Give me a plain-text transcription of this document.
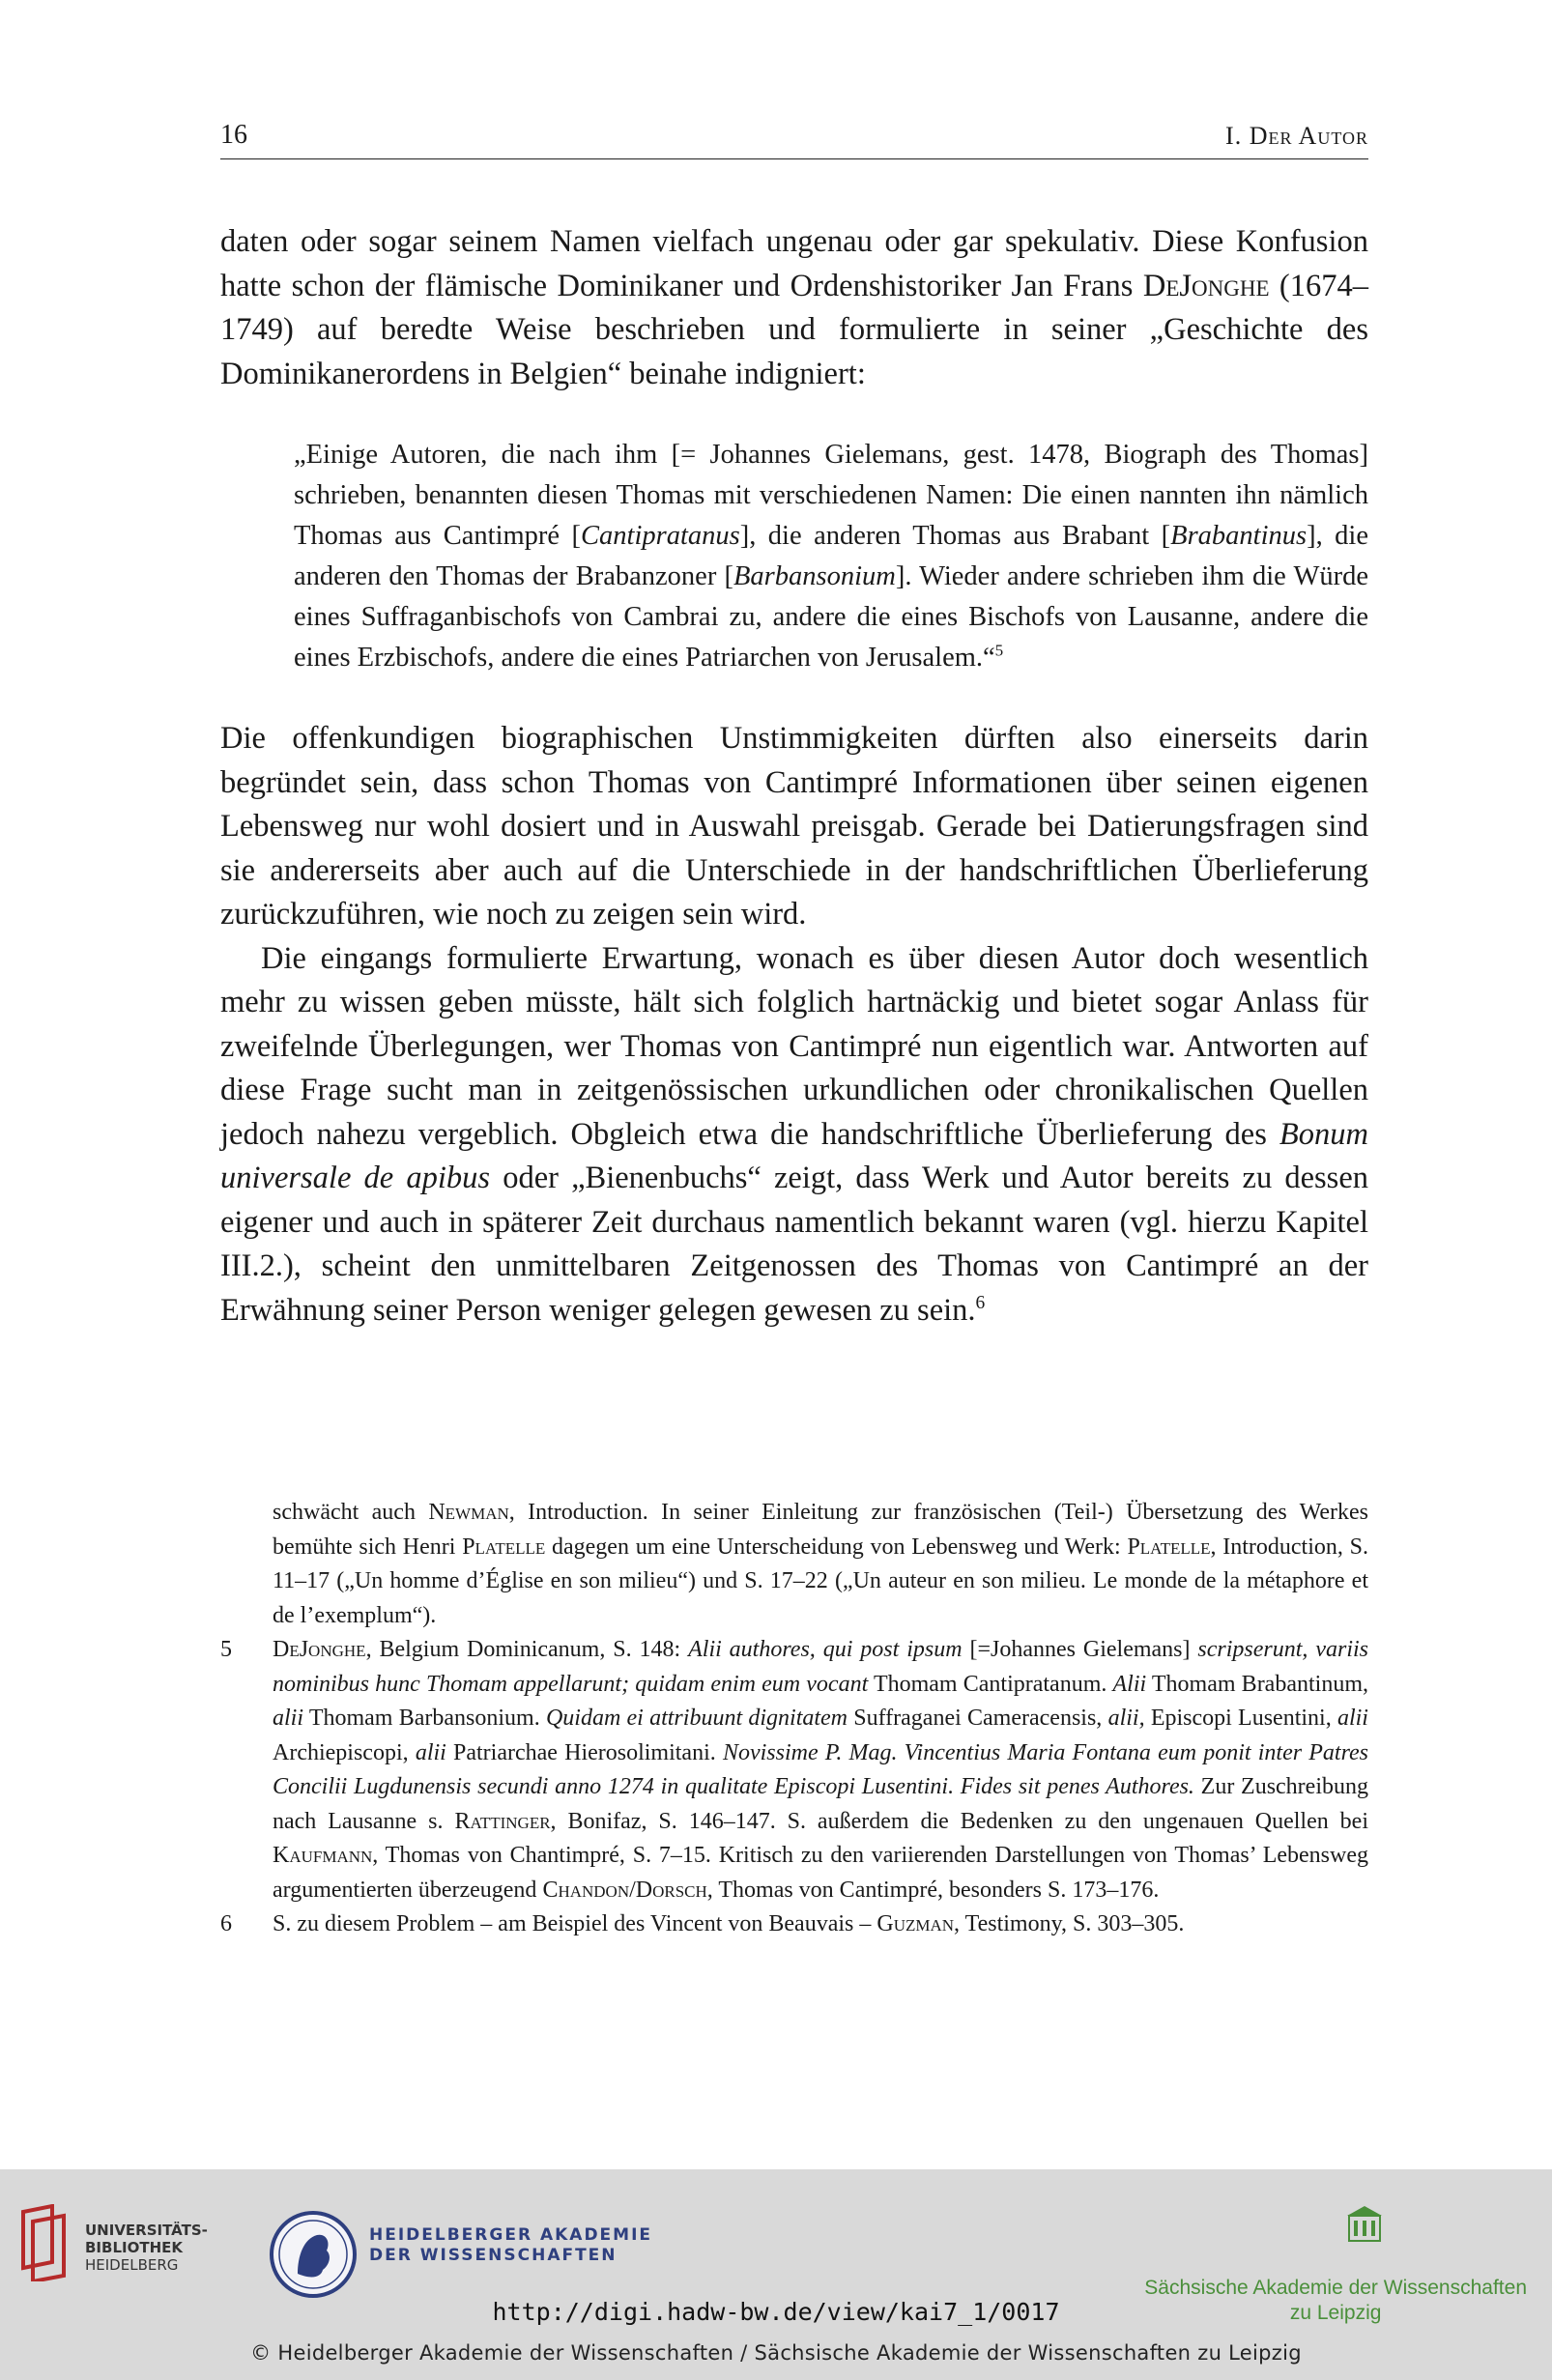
16	I. Der Autor

daten oder sogar seinem Namen vielfach ungenau oder gar spekulativ. Diese Konfusion hatte schon der flämische Dominikaner und Ordenshistoriker Jan Frans DeJonghe (1674–1749) auf beredte Weise beschrieben und formulierte in seiner „Geschichte des Dominikanerordens in Belgien“ beinahe indigniert:

„Einige Autoren, die nach ihm [= Johannes Gielemans, gest. 1478, Biograph des Thomas] schrieben, benannten diesen Thomas mit verschiedenen Namen: Die einen nannten ihn nämlich Thomas aus Cantimpré [Cantipratanus], die anderen Thomas aus Brabant [Brabantinus], die anderen den Thomas der Brabanzoner [Barbansonium]. Wieder andere schrieben ihm die Würde eines Suffraganbischofs von Cambrai zu, andere die eines Bischofs von Lausanne, andere die eines Erzbischofs, andere die eines Patriarchen von Jerusalem.“$^5$

Die offenkundigen biographischen Unstimmigkeiten dürften also einerseits darin begründet sein, dass schon Thomas von Cantimpré Informationen über seinen eigenen Lebensweg nur wohl dosiert und in Auswahl preisgab. Gerade bei Datierungsfragen sind sie andererseits aber auch auf die Unterschiede in der handschriftlichen Überlieferung zurückzuführen, wie noch zu zeigen sein wird.

Die eingangs formulierte Erwartung, wonach es über diesen Autor doch wesentlich mehr zu wissen geben müsste, hält sich folglich hartnäckig und bietet sogar Anlass für zweifelnde Überlegungen, wer Thomas von Cantimpré nun eigentlich war. Antworten auf diese Frage sucht man in zeitgenössischen urkundlichen oder chronikalischen Quellen jedoch nahezu vergeblich. Obgleich etwa die handschriftliche Überlieferung des Bonum universale de apibus oder „Bienenbuchs“ zeigt, dass Werk und Autor bereits zu dessen eigener und auch in späterer Zeit durchaus namentlich bekannt waren (vgl. hierzu Kapitel III.2.), scheint den unmittelbaren Zeitgenossen des Thomas von Cantimpré an der Erwähnung seiner Person weniger gelegen gewesen zu sein.$^6$

schwächt auch Newman, Introduction. In seiner Einleitung zur französischen (Teil-) Übersetzung des Werkes bemühte sich Henri Platelle dagegen um eine Unterscheidung von Lebensweg und Werk: Platelle, Introduction, S. 11–17 („Un homme d’Église en son milieu“) und S. 17–22 („Un auteur en son milieu. Le monde de la métaphore et de l’exemplum“).

5 DeJonghe, Belgium Dominicanum, S. 148: Alii authores, qui post ipsum [=Johannes Gielemans] scripserunt, variis nominibus hunc Thomam appellarunt; quidam enim eum vocant Thomam Cantipratanum. Alii Thomam Brabantinum, alii Thomam Barbansonium. Quidam ei attribuunt dignitatem Suffraganei Cameracensis, alii, Episcopi Lusentini, alii Archiepiscopi, alii Patriarchae Hierosolimitani. Novissime P. Mag. Vincentius Maria Fontana eum ponit inter Patres Concilii Lugdunensis secundi anno 1274 in qualitate Episcopi Lusentini. Fides sit penes Authores. Zur Zuschreibung nach Lausanne s. Rattinger, Bonifaz, S. 146–147. S. außerdem die Bedenken zu den ungenauen Quellen bei Kaufmann, Thomas von Chantimpré, S. 7–15. Kritisch zu den variierenden Darstellungen von Thomas’ Lebensweg argumentierten überzeugend Chandon/Dorsch, Thomas von Cantimpré, besonders S. 173–176.

6 S. zu diesem Problem – am Beispiel des Vincent von Beauvais – Guzman, Testimony, S. 303–305.

UNIVERSITÄTS-
BIBLIOTHEK
HEIDELBERG
HEIDELBERGER AKADEMIE
DER WISSENSCHAFTEN
Sächsische Akademie der Wissenschaften
zu Leipzig
http://digi.hadw-bw.de/view/kai7_1/0017
© Heidelberger Akademie der Wissenschaften / Sächsische Akademie der Wissenschaften zu Leipzig
